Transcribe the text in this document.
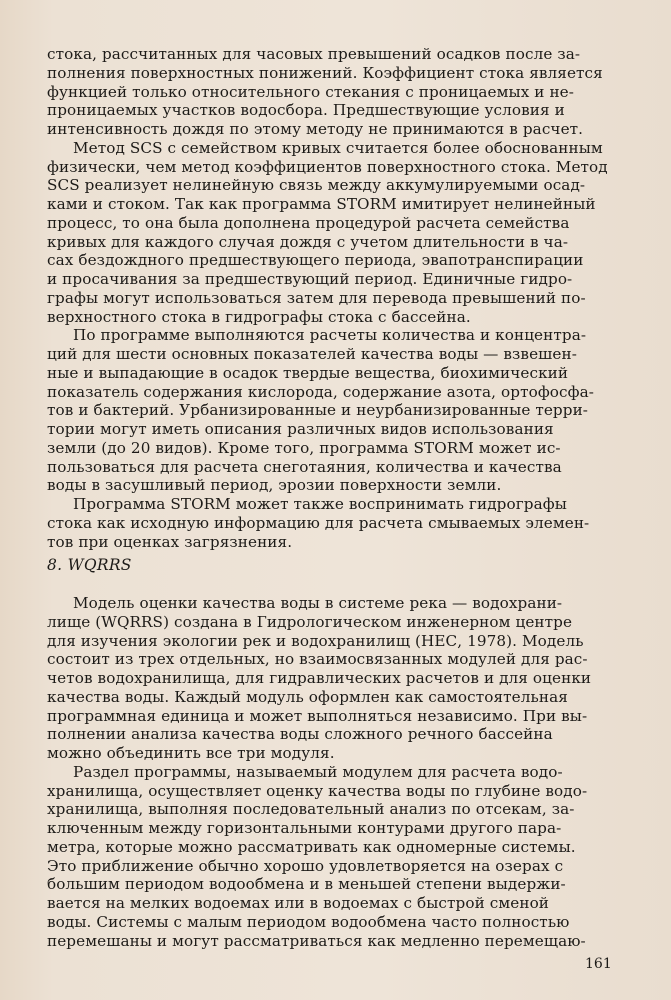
стока, рассчитанных для часовых превышений осадков после за-
полнения поверхностных понижений. Коэффициент стока является
функцией только относительного стекания с проницаемых и не-
проницаемых участков водосбора. Предшествующие условия и
интенсивность дождя по этому методу не принимаются в расчет.
Метод SCS с семейством кривых считается более обоснованным
физически, чем метод коэффициентов поверхностного стока. Метод
SCS реализует нелинейную связь между аккумулируемыми осад-
ками и стоком. Так как программа STORM имитирует нелинейный
процесс, то она была дополнена процедурой расчета семейства
кривых для каждого случая дождя с учетом длительности в ча-
сах бездождного предшествующего периода, эвапотранспирации
и просачивания за предшествующий период. Единичные гидро-
графы могут использоваться затем для перевода превышений по-
верхностного стока в гидрографы стока с бассейна.
По программе выполняются расчеты количества и концентра-
ций для шести основных показателей качества воды — взвешен-
ные и выпадающие в осадок твердые вещества, биохимический
показатель содержания кислорода, содержание азота, ортофосфа-
тов и бактерий. Урбанизированные и неурбанизированные терри-
тории могут иметь описания различных видов использования
земли (до 20 видов). Кроме того, программа STORM может ис-
пользоваться для расчета снеготаяния, количества и качества
воды в засушливый период, эрозии поверхности земли.
Программа STORM может также воспринимать гидрографы
стока как исходную информацию для расчета смываемых элемен-
тов при оценках загрязнения.
8. WQRRS
Модель оценки качества воды в системе река — водохрани-
лище (WQRRS) создана в Гидрологическом инженерном центре
для изучения экологии рек и водохранилищ (НЕС, 1978). Модель
состоит из трех отдельных, но взаимосвязанных модулей для рас-
четов водохранилища, для гидравлических расчетов и для оценки
качества воды. Каждый модуль оформлен как самостоятельная
программная единица и может выполняться независимо. При вы-
полнении анализа качества воды сложного речного бассейна
можно объединить все три модуля.
Раздел программы, называемый модулем для расчета водо-
хранилища, осуществляет оценку качества воды по глубине водо-
хранилища, выполняя последовательный анализ по отсекам, за-
ключенным между горизонтальными контурами другого пара-
метра, которые можно рассматривать как одномерные системы.
Это приближение обычно хорошо удовлетворяется на озерах с
большим периодом водообмена и в меньшей степени выдержи-
вается на мелких водоемах или в водоемах с быстрой сменой
воды. Системы с малым периодом водообмена часто полностью
перемешаны и могут рассматриваться как медленно перемещаю-
161
